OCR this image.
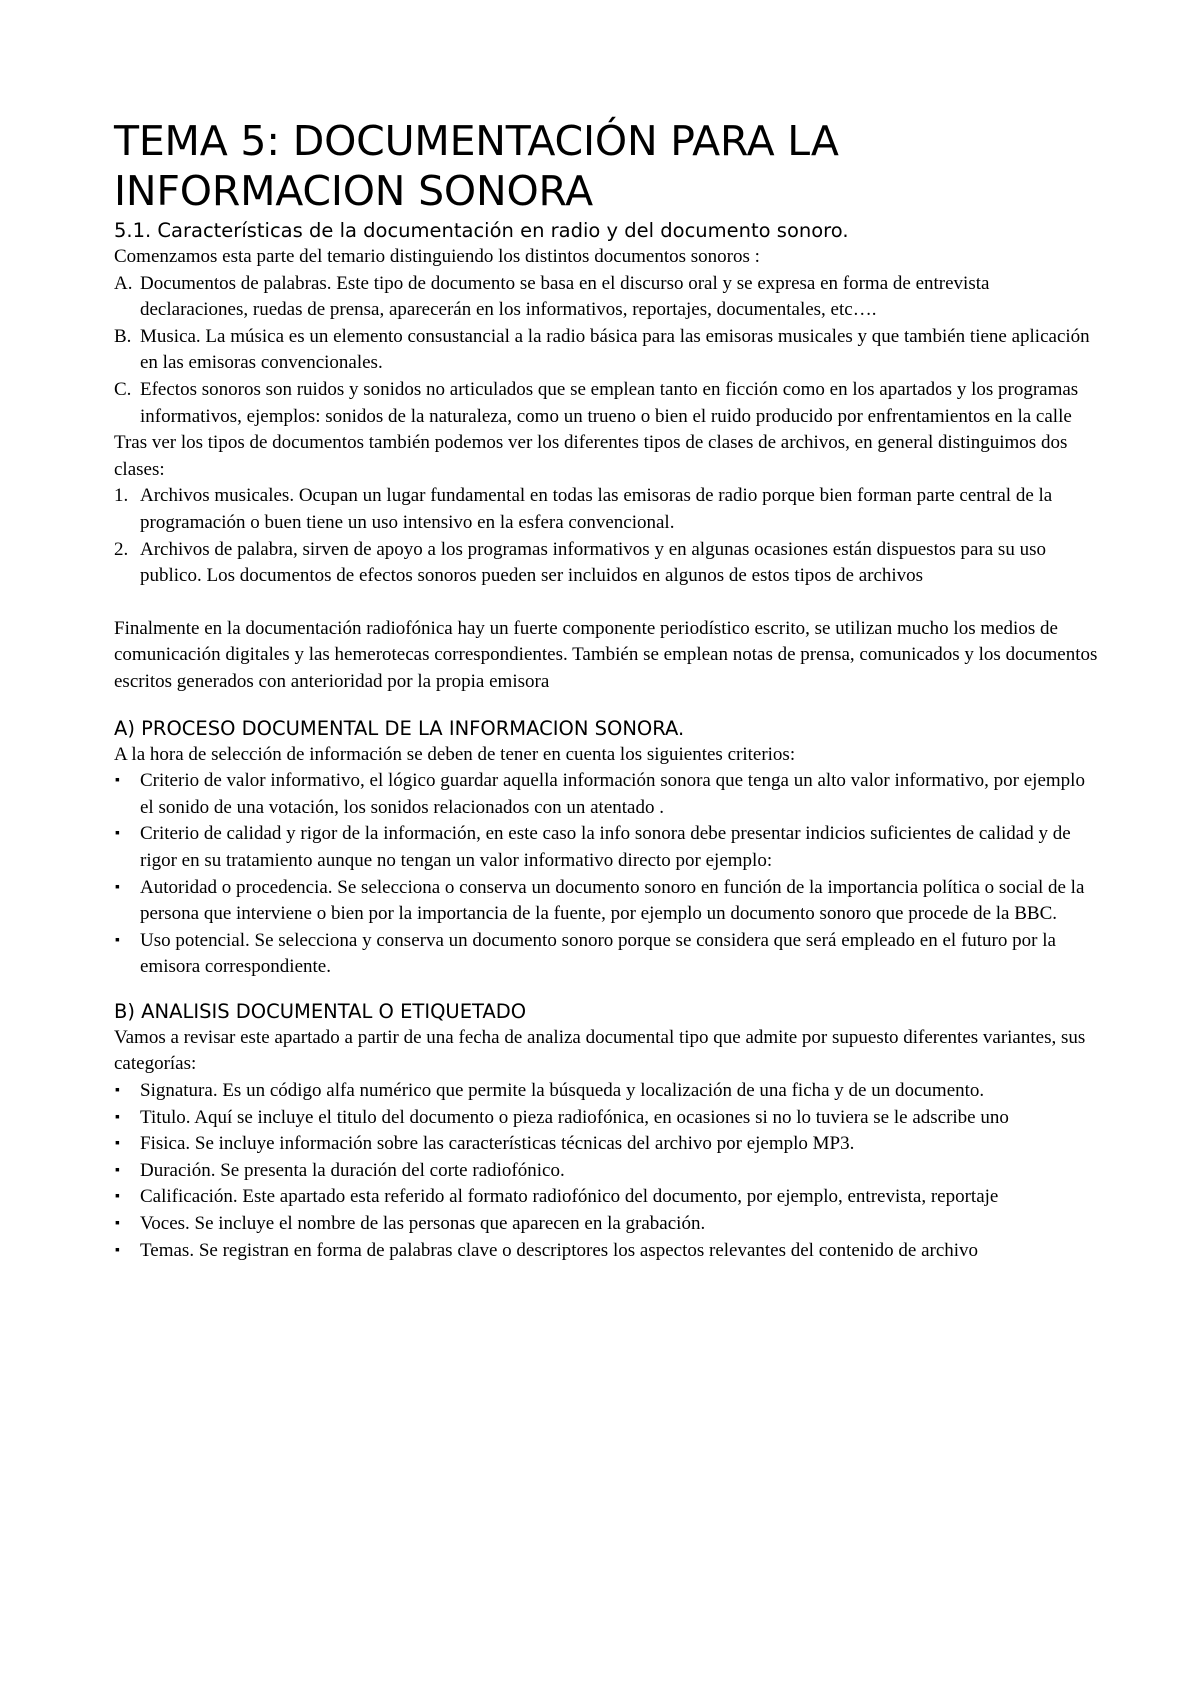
TEMA 5: DOCUMENTACIÓN PARA LA INFORMACION SONORA
5.1. Características de la documentación en radio y del documento sonoro.

Comenzamos esta parte del temario distinguiendo los distintos documentos sonoros :

A. Documentos de palabras. Este tipo de documento se basa en el discurso oral y se expresa en forma de entrevista declaraciones, ruedas de prensa, aparecerán en los informativos, reportajes, documentales, etc….
B. Musica. La música es un elemento consustancial a la radio básica para las emisoras musicales y que también tiene aplicación en las emisoras convencionales.
C. Efectos sonoros son ruidos y sonidos no articulados que se emplean tanto en ficción como en los apartados y los programas informativos, ejemplos: sonidos de la naturaleza, como un trueno o bien el ruido producido por enfrentamientos en la calle

Tras ver los tipos de documentos también podemos ver los diferentes tipos de clases de archivos, en general distinguimos dos clases:

1. Archivos musicales. Ocupan un lugar fundamental en todas las emisoras de radio porque bien forman parte central de la programación o buen tiene un uso intensivo en la esfera convencional.
2. Archivos de palabra, sirven de apoyo a los programas informativos y en algunas ocasiones están dispuestos para su uso publico. Los documentos de efectos sonoros pueden ser incluidos en algunos de estos tipos de archivos

Finalmente en la documentación radiofónica hay un fuerte componente periodístico escrito, se utilizan mucho los medios de comunicación digitales y las hemerotecas correspondientes. También se emplean notas de prensa, comunicados y los documentos escritos generados con anterioridad por la propia emisora

A) PROCESO DOCUMENTAL DE LA INFORMACION SONORA.

A la hora de selección de información se deben de tener en cuenta los siguientes criterios:

▪ Criterio de valor informativo, el lógico guardar aquella información sonora que tenga un alto valor informativo, por ejemplo el sonido de una votación, los sonidos relacionados con un atentado .
▪ Criterio de calidad y rigor de la información, en este caso la info sonora debe presentar indicios suficientes de calidad y de rigor en su tratamiento aunque no tengan un valor informativo directo por ejemplo:
▪ Autoridad o procedencia. Se selecciona o conserva un documento sonoro en función de la importancia política o social de la persona que interviene o bien por la importancia de la fuente, por ejemplo un documento sonoro que procede de la BBC.
▪ Uso potencial. Se selecciona y conserva un documento sonoro porque se considera que será empleado en el futuro por la emisora correspondiente.
B) ANALISIS DOCUMENTAL O ETIQUETADO

Vamos a revisar este apartado a partir de una fecha de analiza documental tipo que admite por supuesto diferentes variantes, sus categorías:

▪ Signatura. Es un código alfa numérico que permite la búsqueda y localización de una ficha y de un documento.
▪ Titulo. Aquí se incluye el titulo del documento o pieza radiofónica, en ocasiones si no lo tuviera se le adscribe uno
▪ Fisica. Se incluye información sobre las características técnicas del archivo por ejemplo MP3.
▪ Duración. Se presenta la duración del corte radiofónico.
▪ Calificación. Este apartado esta referido al formato radiofónico del documento, por ejemplo, entrevista, reportaje
▪ Voces. Se incluye el nombre de las personas que aparecen en la grabación.
▪ Temas. Se registran en forma de palabras clave o descriptores los aspectos relevantes del contenido de archivo
